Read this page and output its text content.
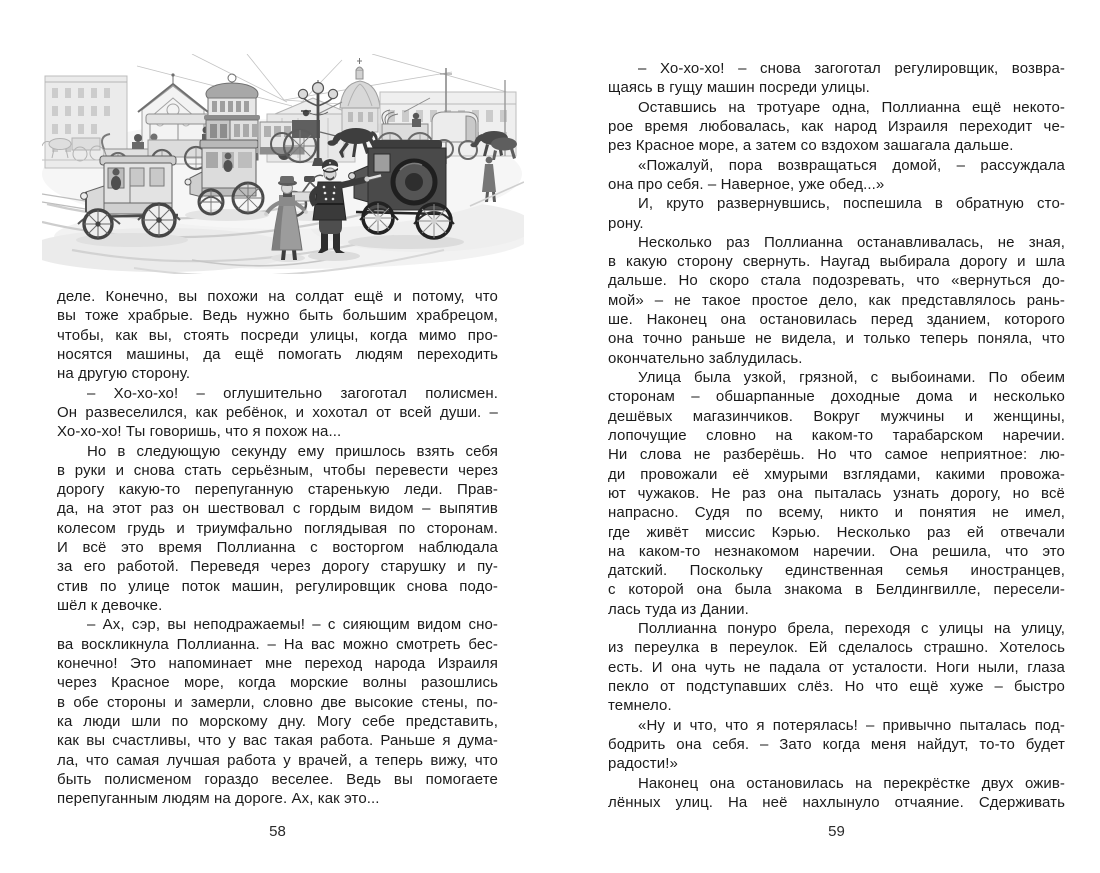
деле. Конечно, вы похожи на солдат ещё и потому, что
вы тоже храбрые. Ведь нужно быть большим храбрецом,
чтобы, как вы, стоять посреди улицы, когда мимо про-
носятся машины, да ещё помогать людям переходить
на другую сторону.
– Хо-хо-хо! – оглушительно загоготал полисмен.
Он развеселился, как ребёнок, и хохотал от всей души. –
Хо-хо-хо! Ты говоришь, что я похож на...
Но в следующую секунду ему пришлось взять себя
в руки и снова стать серьёзным, чтобы перевести через
дорогу какую-то перепуганную старенькую леди. Прав-
да, на этот раз он шествовал с гордым видом – выпятив
колесом грудь и триумфально поглядывая по сторонам.
И всё это время Поллианна с восторгом наблюдала
за его работой. Переведя через дорогу старушку и пу-
стив по улице поток машин, регулировщик снова подо-
шёл к девочке.
– Ах, сэр, вы неподражаемы! – с сияющим видом сно-
ва воскликнула Поллианна. – На вас можно смотреть бес-
конечно! Это напоминает мне переход народа Израиля
через Красное море, когда морские волны разошлись
в обе стороны и замерли, словно две высокие стены, по-
ка люди шли по морскому дну. Могу себе представить,
как вы счастливы, что у вас такая работа. Раньше я дума-
ла, что самая лучшая работа у врачей, а теперь вижу, что
быть полисменом гораздо веселее. Ведь вы помогаете
перепуганным людям на дороге. Ах, как это...
– Хо-хо-хо! – снова загоготал регулировщик, возвра-
щаясь в гущу машин посреди улицы.
Оставшись на тротуаре одна, Поллианна ещё некото-
рое время любовалась, как народ Израиля переходит че-
рез Красное море, а затем со вздохом зашагала дальше.
«Пожалуй, пора возвращаться домой, – рассуждала
она про себя. – Наверное, уже обед...»
И, круто развернувшись, поспешила в обратную сто-
рону.
Несколько раз Поллианна останавливалась, не зная,
в какую сторону свернуть. Наугад выбирала дорогу и шла
дальше. Но скоро стала подозревать, что «вернуться до-
мой» – не такое простое дело, как представлялось рань-
ше. Наконец она остановилась перед зданием, которого
она точно раньше не видела, и только теперь поняла, что
окончательно заблудилась.
Улица была узкой, грязной, с выбоинами. По обеим
сторонам – обшарпанные доходные дома и несколько
дешёвых магазинчиков. Вокруг мужчины и женщины,
лопочущие словно на каком-то тарабарском наречии.
Ни слова не разберёшь. Но что самое неприятное: лю-
ди провожали её хмурыми взглядами, какими провожа-
ют чужаков. Не раз она пыталась узнать дорогу, но всё
напрасно. Судя по всему, никто и понятия не имел,
где живёт миссис Кэрью. Несколько раз ей отвечали
на каком-то незнакомом наречии. Она решила, что это
датский. Поскольку единственная семья иностранцев,
с которой она была знакома в Белдингвилле, пересели-
лась туда из Дании.
Поллианна понуро брела, переходя с улицы на улицу,
из переулка в переулок. Ей сделалось страшно. Хотелось
есть. И она чуть не падала от усталости. Ноги ныли, глаза
пекло от подступавших слёз. Но что ещё хуже – быстро
темнело.
«Ну и что, что я потерялась! – привычно пыталась под-
бодрить она себя. – Зато когда меня найдут, то-то будет
радости!»
Наконец она остановилась на перекрёстке двух ожив-
лённых улиц. На неё нахлынуло отчаяние. Сдерживать
58	59
